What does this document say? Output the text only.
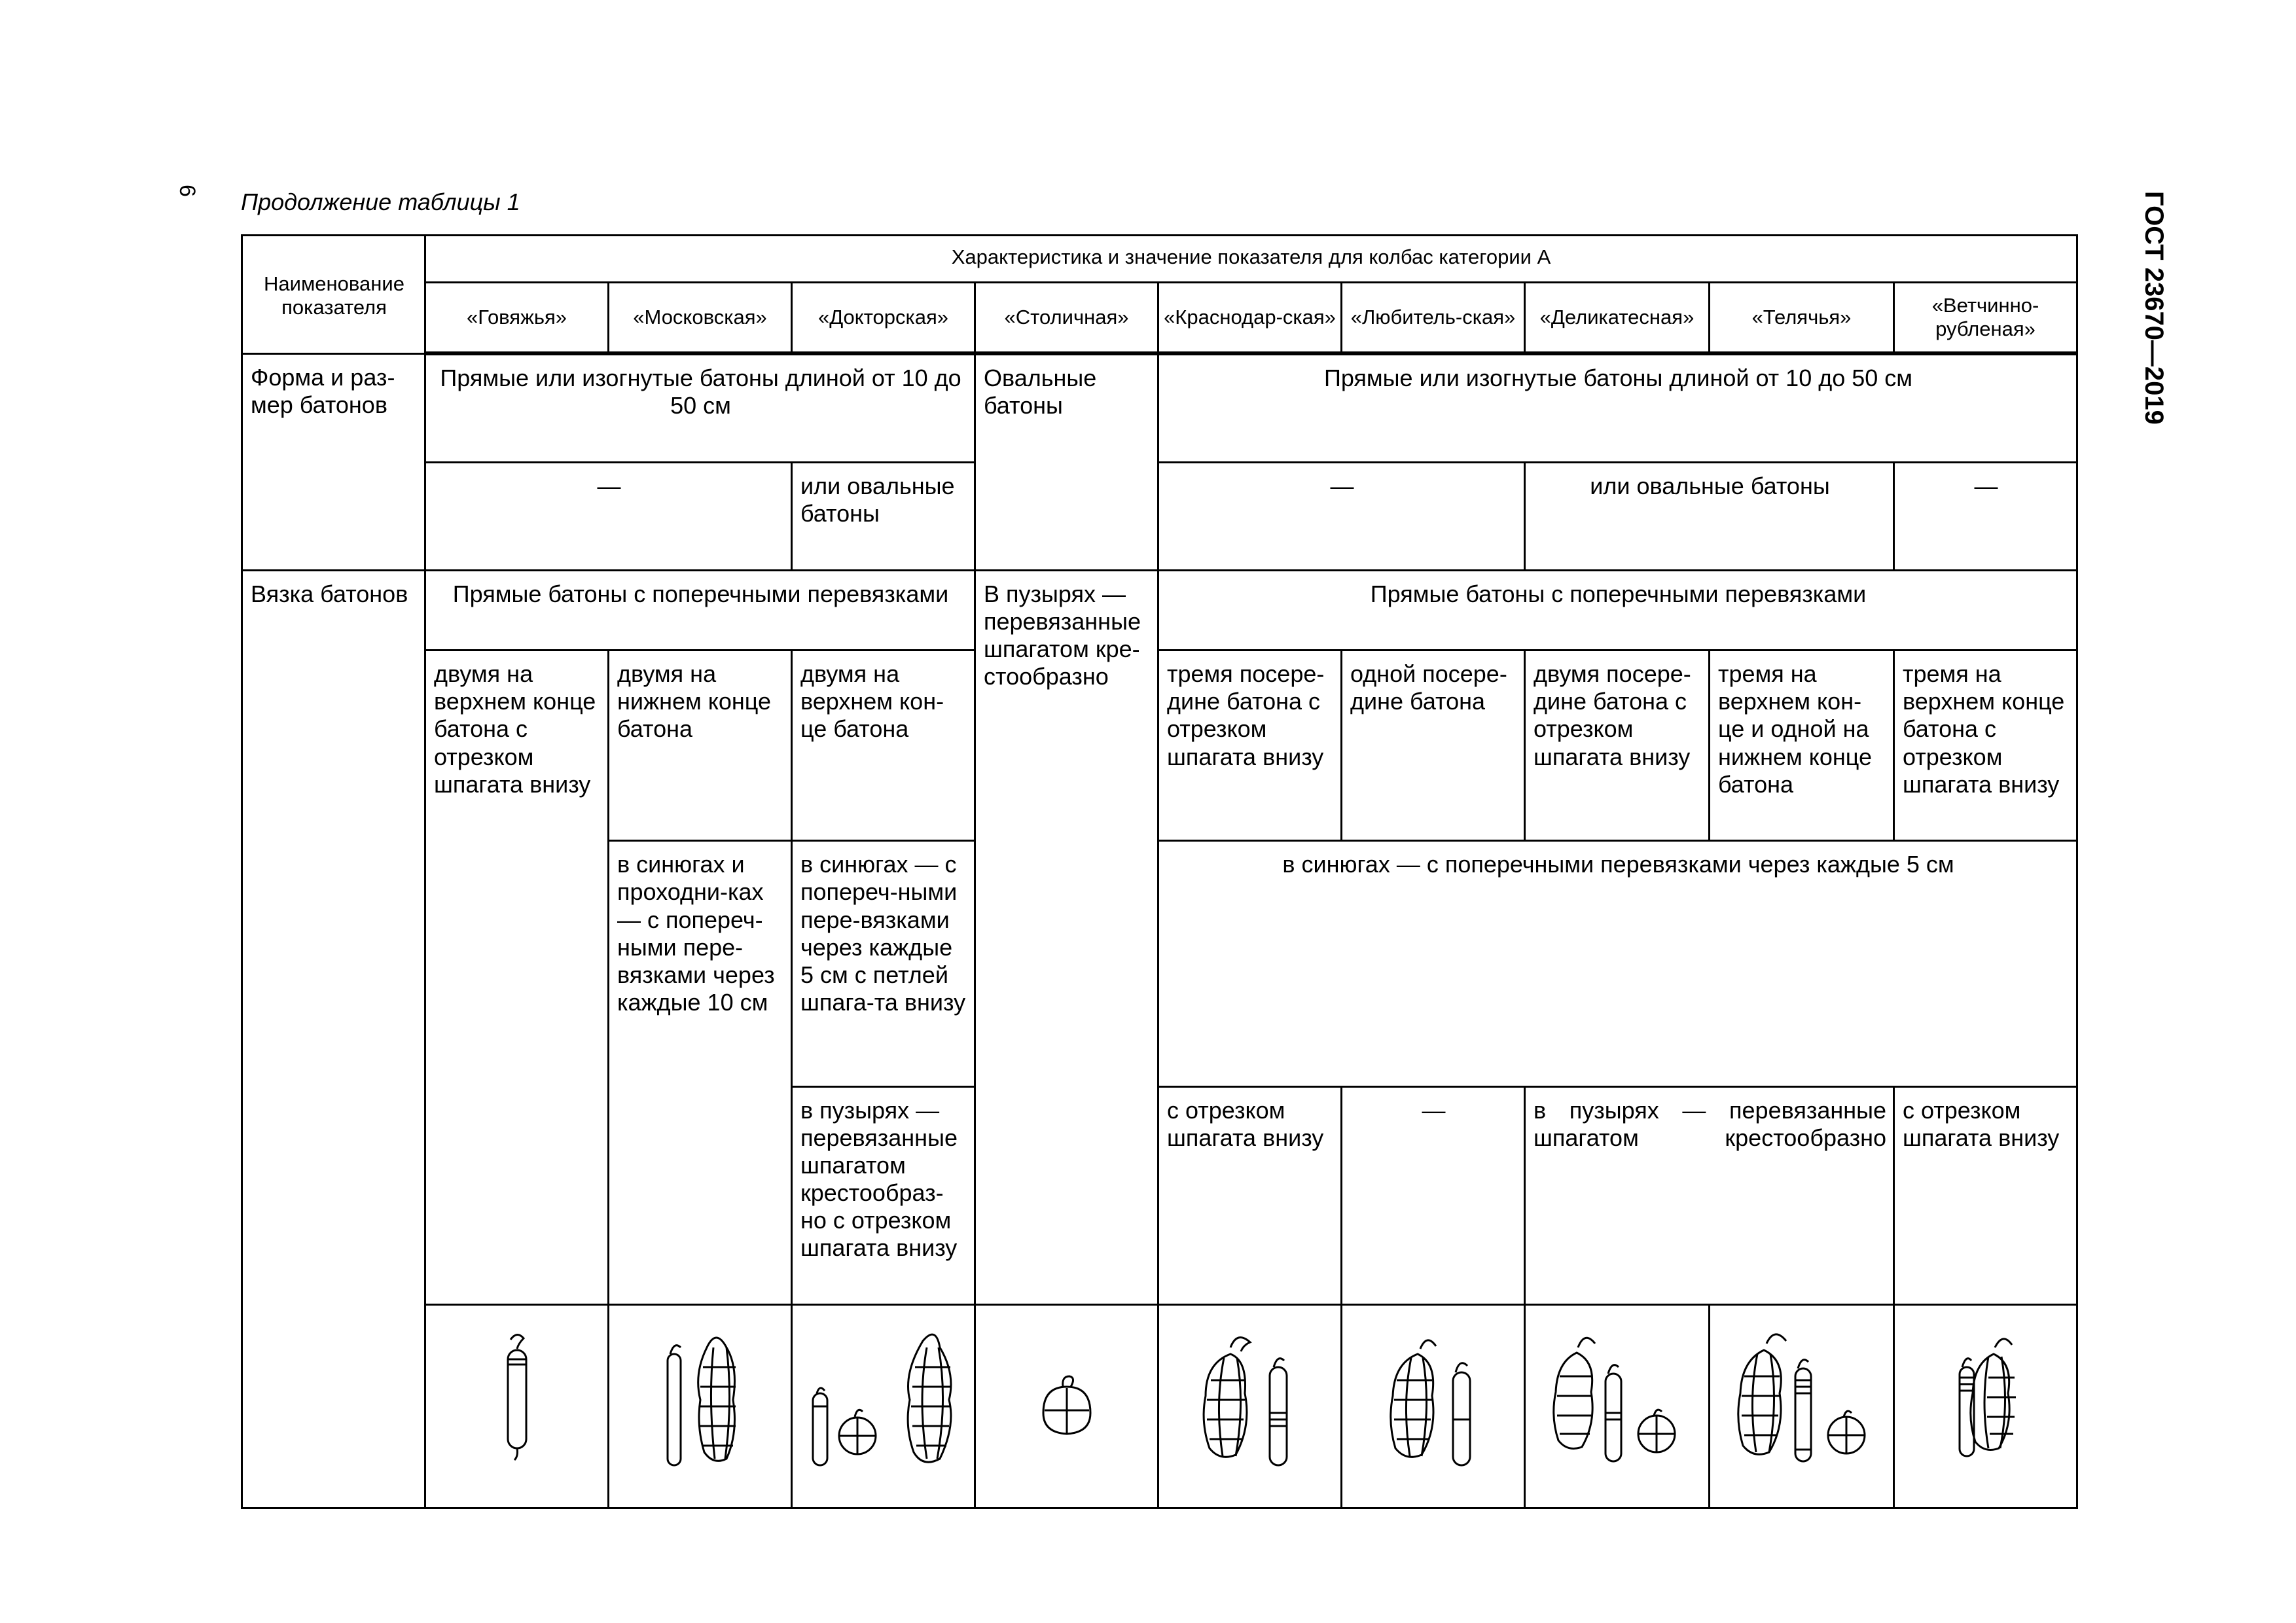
6 Продолжение таблицы 1	ГОСТ 23670—2019
Наименование показателя	Характеристика и значение показателя для колбас категории А								
	«Говяжья»	«Московская»	«Докторская»	«Столичная»	«Краснодар-ская»	«Любитель-ская»	«Деликатесная»	«Телячья»	«Ветчинно-рубленая»
Форма и раз-мер батонов	Прямые или изогнутые батоны длиной от 10 до 50 см			Овальные батоны	Прямые или изогнутые батоны длиной от 10 до 50 см				
	—		или овальные батоны		—		или овальные батоны		—
Вязка батонов	Прямые батоны с поперечными перевязками			В пузырях — перевязанные шпагатом кре-стообразно	Прямые батоны с поперечными перевязками				
	двумя на верхнем конце батона с отрезком шпагата внизу	двумя на нижнем конце батона	двумя на верхнем кон-це батона		тремя посере-дине батона с отрезком шпагата внизу	одной посере-дине батона	двумя посере-дине батона с отрезком шпагата внизу	тремя на верхнем кон-це и одной на нижнем конце батона	тремя на верхнем конце батона с отрезком шпагата внизу
		в синюгах и проходни-ках — с попереч-ными пере-вязками через каждые 10 см	в синюгах — с попереч-ными пере-вязками через каждые 5 см с петлей шпага-та внизу		в синюгах — с поперечными перевязками через каждые 5 см				
			в пузырях — перевязанные шпагатом крестообраз-но с отрезком шпагата внизу		с отрезком шпагата внизу	—	в пузырях — перевязанные шпагатом крестообразно		с отрезком шпагата внизу
